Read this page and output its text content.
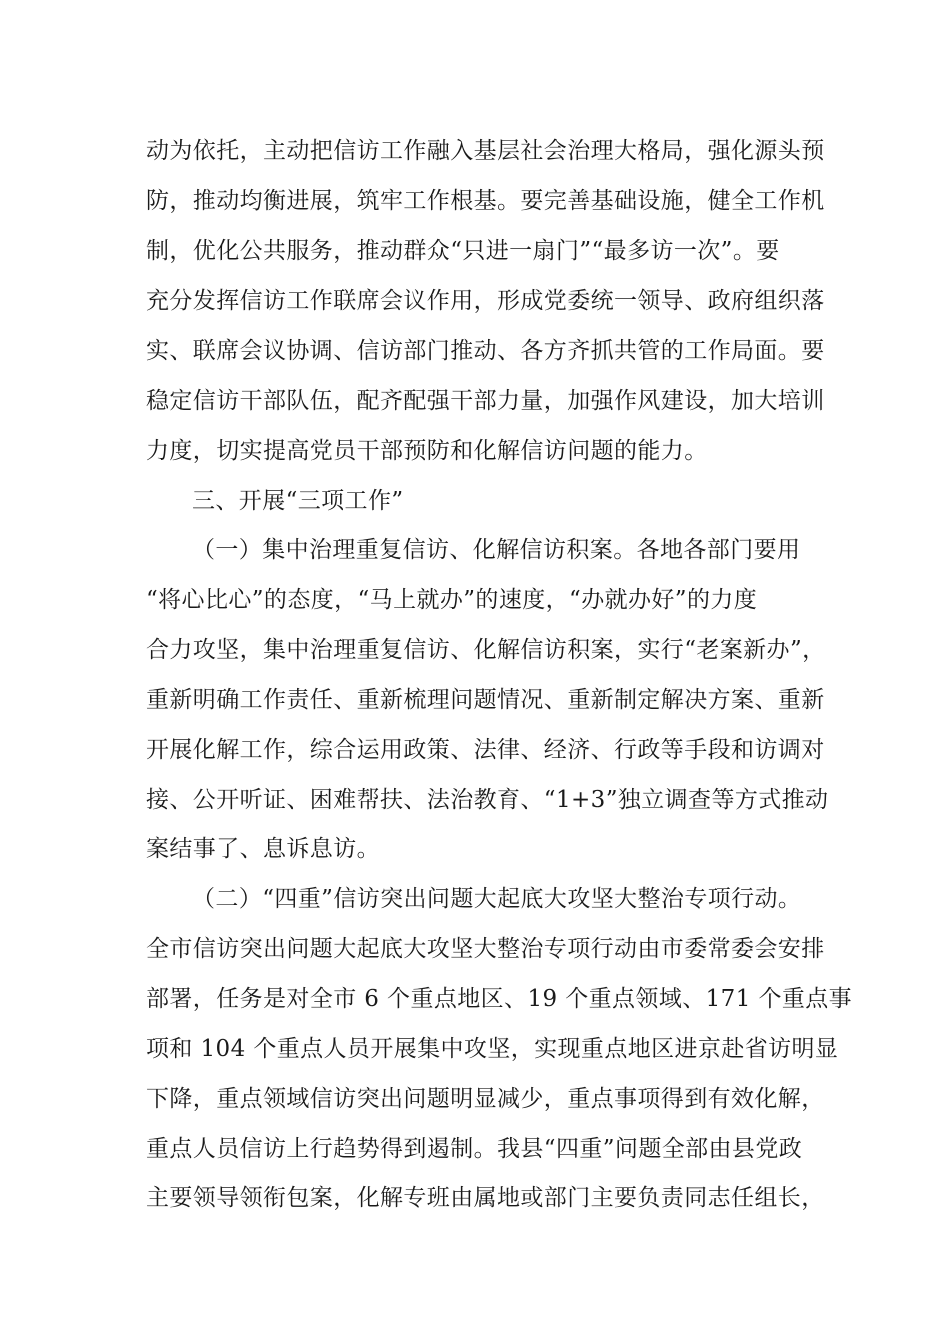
动为依托，主动把信访工作融入基层社会治理大格局，强化源头预
防，推动均衡进展，筑牢工作根基。要完善基础设施，健全工作机
制，优化公共服务，推动群众“只进一扇门”“最多访一次”。要
充分发挥信访工作联席会议作用，形成党委统一领导、政府组织落
实、联席会议协调、信访部门推动、各方齐抓共管的工作局面。要
稳定信访干部队伍，配齐配强干部力量，加强作风建设，加大培训
力度，切实提高党员干部预防和化解信访问题的能力。
三、开展“三项工作”
（一）集中治理重复信访、化解信访积案。各地各部门要用
“将心比心”的态度，“马上就办”的速度，“办就办好”的力度
合力攻坚，集中治理重复信访、化解信访积案，实行“老案新办”，
重新明确工作责任、重新梳理问题情况、重新制定解决方案、重新
开展化解工作，综合运用政策、法律、经济、行政等手段和访调对
接、公开听证、困难帮扶、法治教育、“1+3”独立调查等方式推动
案结事了、息诉息访。
（二）“四重”信访突出问题大起底大攻坚大整治专项行动。
全市信访突出问题大起底大攻坚大整治专项行动由市委常委会安排
部署，任务是对全市 6 个重点地区、19 个重点领域、171 个重点事
项和 104 个重点人员开展集中攻坚，实现重点地区进京赴省访明显
下降，重点领域信访突出问题明显减少，重点事项得到有效化解，
重点人员信访上行趋势得到遏制。我县“四重”问题全部由县党政
主要领导领衔包案，化解专班由属地或部门主要负责同志任组长，
